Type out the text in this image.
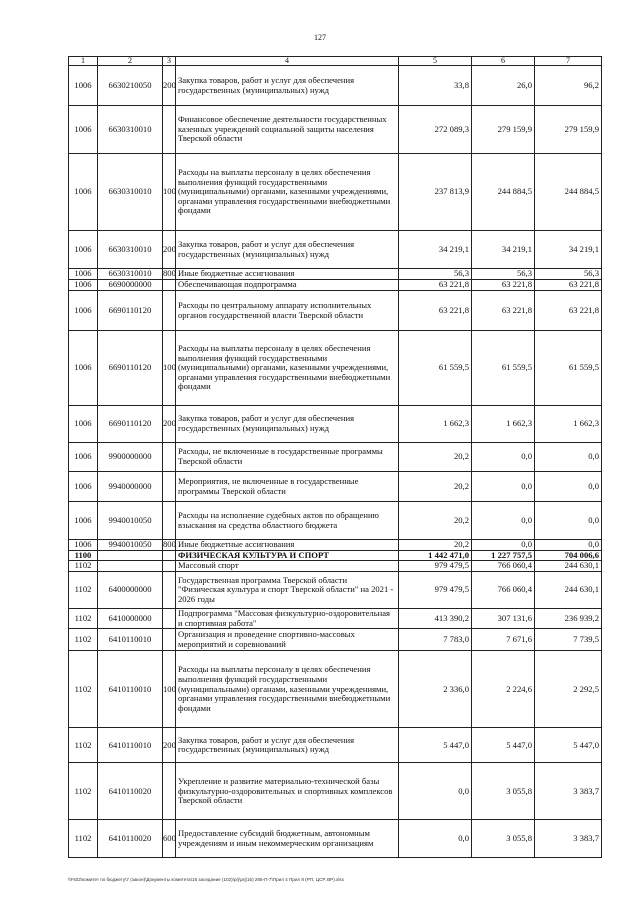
127
1	2	3	4	5	6	7
1006	6630210050	200	Закупка товаров, работ и услуг для обеспечения государственных (муниципальных) нужд	33,8	26,0	96,2
1006	6630310010		Финансовое обеспечение деятельности государственных казенных учреждений социальной защиты населения Тверской области	272 089,3	279 159,9	279 159,9
1006	6630310010	100	Расходы на выплаты персоналу в целях обеспечения выполнения функций государственными (муниципальными) органами, казенными учреждениями, органами управления государственными внебюджетными фондами	237 813,9	244 884,5	244 884,5
1006	6630310010	200	Закупка товаров, работ и услуг для обеспечения государственных (муниципальных) нужд	34 219,1	34 219,1	34 219,1
1006	6630310010	800	Иные бюджетные ассигнования	56,3	56,3	56,3
1006	6690000000		Обеспечивающая подпрограмма	63 221,8	63 221,8	63 221,8
1006	6690110120		Расходы по центральному аппарату исполнительных органов государственной власти Тверской области	63 221,8	63 221,8	63 221,8
1006	6690110120	100	Расходы на выплаты персоналу в целях обеспечения выполнения функций государственными (муниципальными) органами, казенными учреждениями, органами управления государственными внебюджетными фондами	61 559,5	61 559,5	61 559,5
1006	6690110120	200	Закупка товаров, работ и услуг для обеспечения государственных (муниципальных) нужд	1 662,3	1 662,3	1 662,3
1006	9900000000		Расходы, не включенные в государственные программы Тверской области	20,2	0,0	0,0
1006	9940000000		Мероприятия, не включенные в государственные программы Тверской области	20,2	0,0	0,0
1006	9940010050		Расходы на исполнение судебных актов по обращению взыскания на средства областного бюджета	20,2	0,0	0,0
1006	9940010050	800	Иные бюджетные ассигнования	20,2	0,0	0,0
1100			ФИЗИЧЕСКАЯ КУЛЬТУРА И СПОРТ	1 442 471,0	1 227 757,5	704 006,6
1102			Массовый спорт	979 479,5	766 060,4	244 630,1
1102	6400000000		Государственная программа Тверской области "Физическая культура и спорт Тверской области" на 2021 - 2026 годы	979 479,5	766 060,4	244 630,1
1102	6410000000		Подпрограмма "Массовая физкультурно-оздоровительная и спортивная работа"	413 390,2	307 131,6	236 939,2
1102	6410110010		Организация и проведение спортивно-массовых мероприятий и соревнований	7 783,0	7 671,6	7 739,5
1102	6410110010	100	Расходы на выплаты персоналу в целях обеспечения выполнения функций государственными (муниципальными) органами, казенными учреждениями, органами управления государственными внебюджетными фондами	2 336,0	2 224,6	2 292,5
1102	6410110010	200	Закупка товаров, работ и услуг для обеспечения государственных (муниципальных) нужд	5 447,0	5 447,0	5 447,0
1102	6410110020		Укрепление и развитие материально-технической базы физкультурно-оздоровительных и спортивных комплексов Тверской области	0,0	3 055,8	3 383,7
1102	6410110020	600	Предоставление субсидий бюджетным, автономным учреждениям и иным некоммерческим организациям	0,0	3 055,8	3 383,7
\\Fs02\комитет по бюджету\7 (закон)\Документы комитета\16 заседание (102)\prj\prj(16) 265-П-7\Прил 4 Прил 8 (РП, ЦСР, ВР).xlsx
